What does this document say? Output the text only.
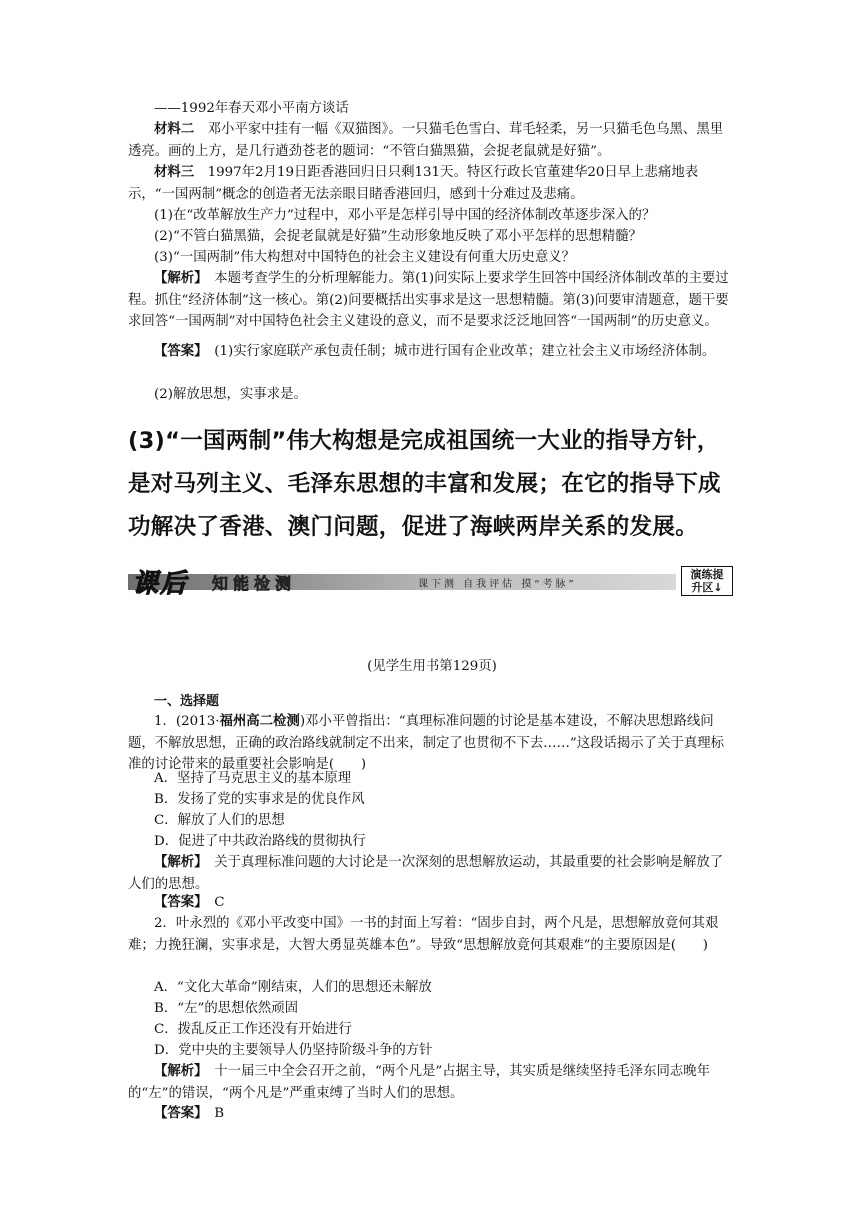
——1992年春天邓小平南方谈话

材料二　 邓小平家中挂有一幅《双猫图》。一只猫毛色雪白、茸毛轻柔，另一只猫毛色乌黑、黑里透亮。画的上方，是几行遒劲苍老的题词：“不管白猫黑猫，会捉老鼠就是好猫”。

材料三　 1997年2月19日距香港回归日只剩131天。特区行政长官董建华20日早上悲痛地表示，“一国两制”概念的创造者无法亲眼目睹香港回归，感到十分难过及悲痛。

(1)在“改革解放生产力”过程中，邓小平是怎样引导中国的经济体制改革逐步深入的？

(2)“不管白猫黑猫，会捉老鼠就是好猫”生动形象地反映了邓小平怎样的思想精髓？

(3)“一国两制”伟大构想对中国特色的社会主义建设有何重大历史意义？

【解析】　 本题考查学生的分析理解能力。第(1)问实际上要求学生回答中国经济体制改革的主要过程。抓住“经济体制”这一核心。第(2)问要概括出实事求是这一思想精髓。第(3)问要审清题意，题干要求回答“一国两制”对中国特色社会主义建设的意义，而不是要求泛泛地回答“一国两制”的历史意义。

【答案】　 (1)实行家庭联产承包责任制；城市进行国有企业改革；建立社会主义市场经济体制。

(2)解放思想，实事求是。

(3)“一国两制”伟大构想是完成祖国统一大业的指导方针，是对马列主义、毛泽东思想的丰富和发展；在它的指导下成功解决了香港、澳门问题，促进了海峡两岸关系的发展。

课后 知能检测	课下测 自我评估 摸“考脉”
演练提
升区↓

(见学生用书第129页)

一、选择题

1．(2013·福州高二检测)邓小平曾指出：“真理标准问题的讨论是基本建设，不解决思想路线问题，不解放思想，正确的政治路线就制定不出来，制定了也贯彻不下去……”这段话揭示了关于真理标准的讨论带来的最重要社会影响是(　　)

A．坚持了马克思主义的基本原理

B．发扬了党的实事求是的优良作风

C．解放了人们的思想

D．促进了中共政治路线的贯彻执行

【解析】　 关于真理标准问题的大讨论是一次深刻的思想解放运动，其最重要的社会影响是解放了人们的思想。

【答案】　 C

2．叶永烈的《邓小平改变中国》一书的封面上写着：“固步自封，两个凡是，思想解放竟何其艰难；力挽狂澜，实事求是，大智大勇显英雄本色”。导致“思想解放竟何其艰难”的主要原因是(　　)

A．“文化大革命”刚结束，人们的思想还未解放

B．“左”的思想依然顽固

C．拨乱反正工作还没有开始进行

D．党中央的主要领导人仍坚持阶级斗争的方针

【解析】　 十一届三中全会召开之前，“两个凡是”占据主导，其实质是继续坚持毛泽东同志晚年的“左”的错误，“两个凡是”严重束缚了当时人们的思想。

【答案】　 B
